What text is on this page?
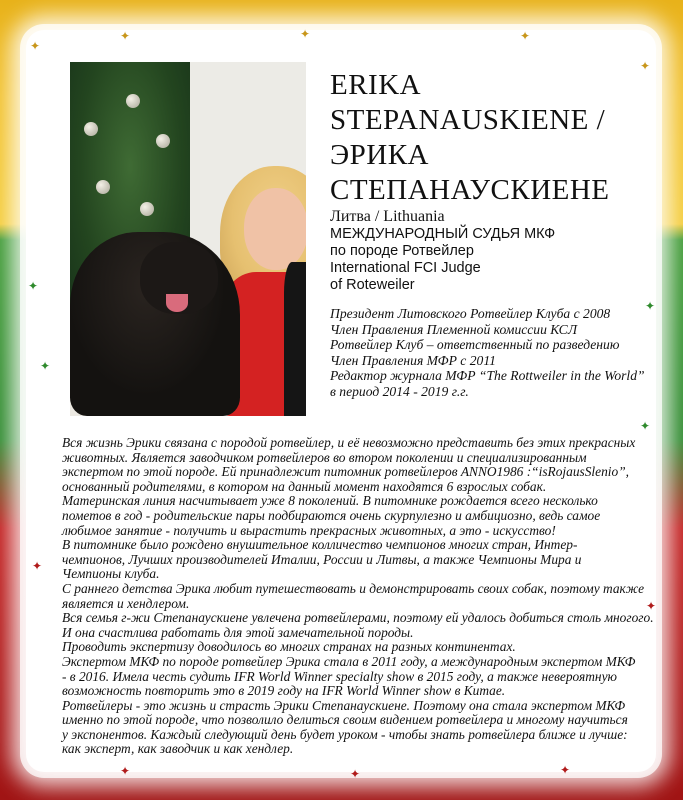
✦
✦	✦	✦
✦
✦
✦
✦
✦
✦
✦
✦	✦	✦
ERIKA
STEPANAUSKIENE /
ЭРИКА
СТЕПАНАУСКИЕНЕ
Литва / Lithuania
МЕЖДУНАРОДНЫЙ СУДЬЯ МКФ
по породе Ротвейлер
International FCI Judge
of Roteweiler
Президент Литовского Ротвейлер Клуба с 2008
Член Правления Племенной комиссии КСЛ
Ротвейлер Клуб – ответственный по разведению
Член Правления МФР с 2011
Редактор журнала МФР “The Rottweiler in the World”
в период 2014 - 2019 г.г.
Вся жизнь Эрики связана с породой ротвейлер, и её невозможно представить без этих прекрасных
животных. Является заводчиком ротвейлеров во втором поколении и специализированным
экспертом по этой породе. Ей принадлежит питомник ротвейлеров ANNO1986 :“isRojausSlenio”,
основанный родителями, в котором на данный момент находятся 6 взрослых собак.
Материнская линия насчитывает уже 8 поколений. В питомнике рождается всего несколько
пометов в год - родительские пары подбираются очень скурпулезно и амбициозно, ведь самое
любимое занятие - получить и вырастить прекрасных животных, а это - искусство!
В питомнике было рождено внушительное колличество чемпионов многих стран, Интер-
чемпионов, Лучших производителей Италии, России и Литвы, а также Чемпионы Мира и
Чемпионы клуба.
С раннего детства Эрика любит путешествовать и демонстрировать своих собак, поэтому также
является и хендлером.
Вся семья г-жи Степанаускиене увлечена ротвейлерами, поэтому ей удалось добиться столь многого.
И она счастлива работать для этой замечательной породы.
Проводить экспертизу доводилось во многих странах на разных континентах.
Экспертом МКФ по породе ротвейлер Эрика стала в 2011 году, а международным экспертом МКФ
- в 2016. Имела честь судить IFR World Winner specialty show в 2015 году, а также невероятную
возможность повторить это в 2019 году на IFR World Winner show в Китае.
Ротвейлеры - это жизнь и страсть Эрики Степанаускиене. Поэтому она стала экспертом МКФ
именно по этой породе, что позволило делиться своим видением ротвейлера и многому научиться
у экспонентов. Каждый следующий день будет уроком - чтобы знать ротвейлера ближе и лучше:
как эксперт, как заводчик и как хендлер.
